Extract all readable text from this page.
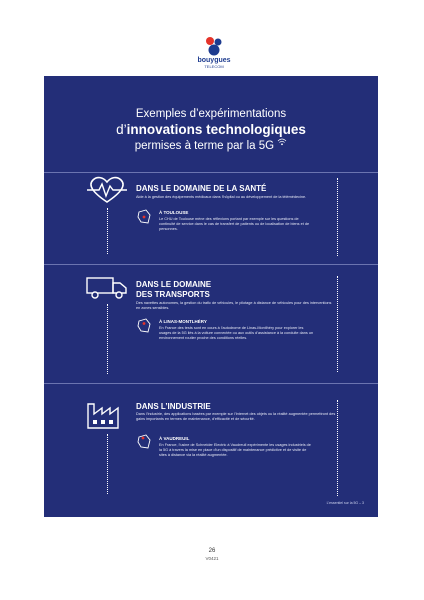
bouygues
TELECOM
Exemples d’expérimentations
d’innovations technologiques
permises à terme par la 5G
DANS LE DOMAINE DE LA SANTÉ
Aide à la gestion des équipements médicaux dans l’hôpital ou au développement de la télémédecine.
À TOULOUSE
Le CHU de Toulouse mène des réflexions portant par exemple sur les questions de continuité de service dans le cas de transfert de patients ou de localisation de biens et de personnes.
DANS LE DOMAINE
DES TRANSPORTS
Des navettes autonomes, la gestion du trafic de véhicules, le pilotage à distance de véhicules pour des interventions en zones sensibles.
À LINAS-MONTLHÉRY
En France des tests sont en cours à l’autodrome de Linas-Montlhéry pour explorer les usages de la 5G liés à la voiture connectée ou aux outils d’assistance à la conduite dans un environnement routier proche des conditions réelles.
DANS L’INDUSTRIE
Dans l’industrie, des applications basées par exemple sur l’Internet des objets ou la réalité augmentée permettront des gains importants en termes de maintenance, d’efficacité et de sécurité.
À VAUDREUIL
En France, l’usine de Schneider Electric à Vaudreuil expérimente les usages industriels de la 5G à travers la mise en place d’un dispositif de maintenance prédictive et de visite de sites à distance via la réalité augmentée.
L’essentiel sur la 5G – 3
26
V0421
